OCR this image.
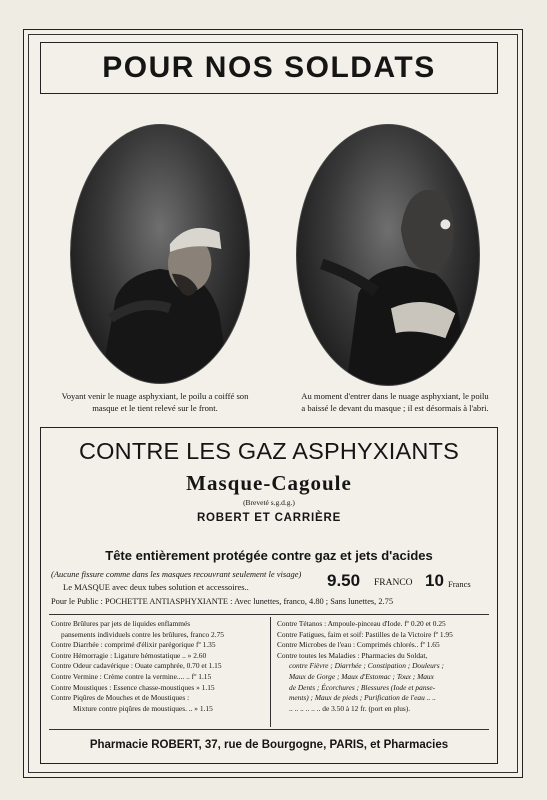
POUR NOS SOLDATS
Voyant venir le nuage asphyxiant, le poilu a coiffé son
masque et le tient relevé sur le front.
Au moment d'entrer dans le nuage asphyxiant, le poilu
a baissé le devant du masque ; il est désormais à l'abri.
CONTRE LES GAZ ASPHYXIANTS
Masque-Cagoule
(Breveté s.g.d.g.)
ROBERT ET CARRIÈRE
Tête entièrement protégée contre gaz et jets d'acides
(Aucune fissure comme dans les masques recouvrant seulement le visage)
Le MASQUE avec deux tubes solution et accessoires..	9.50 FRANCO 10 Francs
Pour le Public : POCHETTE ANTIASPHYXIANTE : Avec lunettes, franco, 4.80 ; Sans lunettes, 2.75
Contre Brûlures par jets de liquides enflammés
pansements individuels contre les brûlures, franco 2.75
Contre Diarrhée : comprimé d'élixir parégorique fº 1.35
Contre Hémorragie : Ligature hémostatique .. » 2.60
Contre Odeur cadavérique : Ouate camphrée, 0.70 et 1.15
Contre Vermine : Crème contre la vermine.... .. fº 1.15
Contre Moustiques : Essence chasse-moustiques » 1.15
Contre Piqûres de Mouches et de Moustiques :
Mixture contre piqûres de moustiques. .. » 1.15
Contre Tétanos : Ampoule-pinceau d'Iode. fº 0.20 et 0.25
Contre Fatigues, faim et soif: Pastilles de la Victoire fº 1.95
Contre Microbes de l'eau : Comprimés chlorés.. fº 1.65
Contre toutes les Maladies : Pharmacies du Soldat,
contre Fièvre ; Diarrhée ; Constipation ; Douleurs ;
Maux de Gorge ; Maux d'Estomac ; Toux ; Maux
de Dents ; Écorchures ; Blessures (Iode et panse-
ments) ; Maux de pieds ; Purification de l'eau .. ..
.. .. .. .. .. .. de 3.50 à 12 fr. (port en plus).
Pharmacie ROBERT, 37, rue de Bourgogne, PARIS, et Pharmacies
